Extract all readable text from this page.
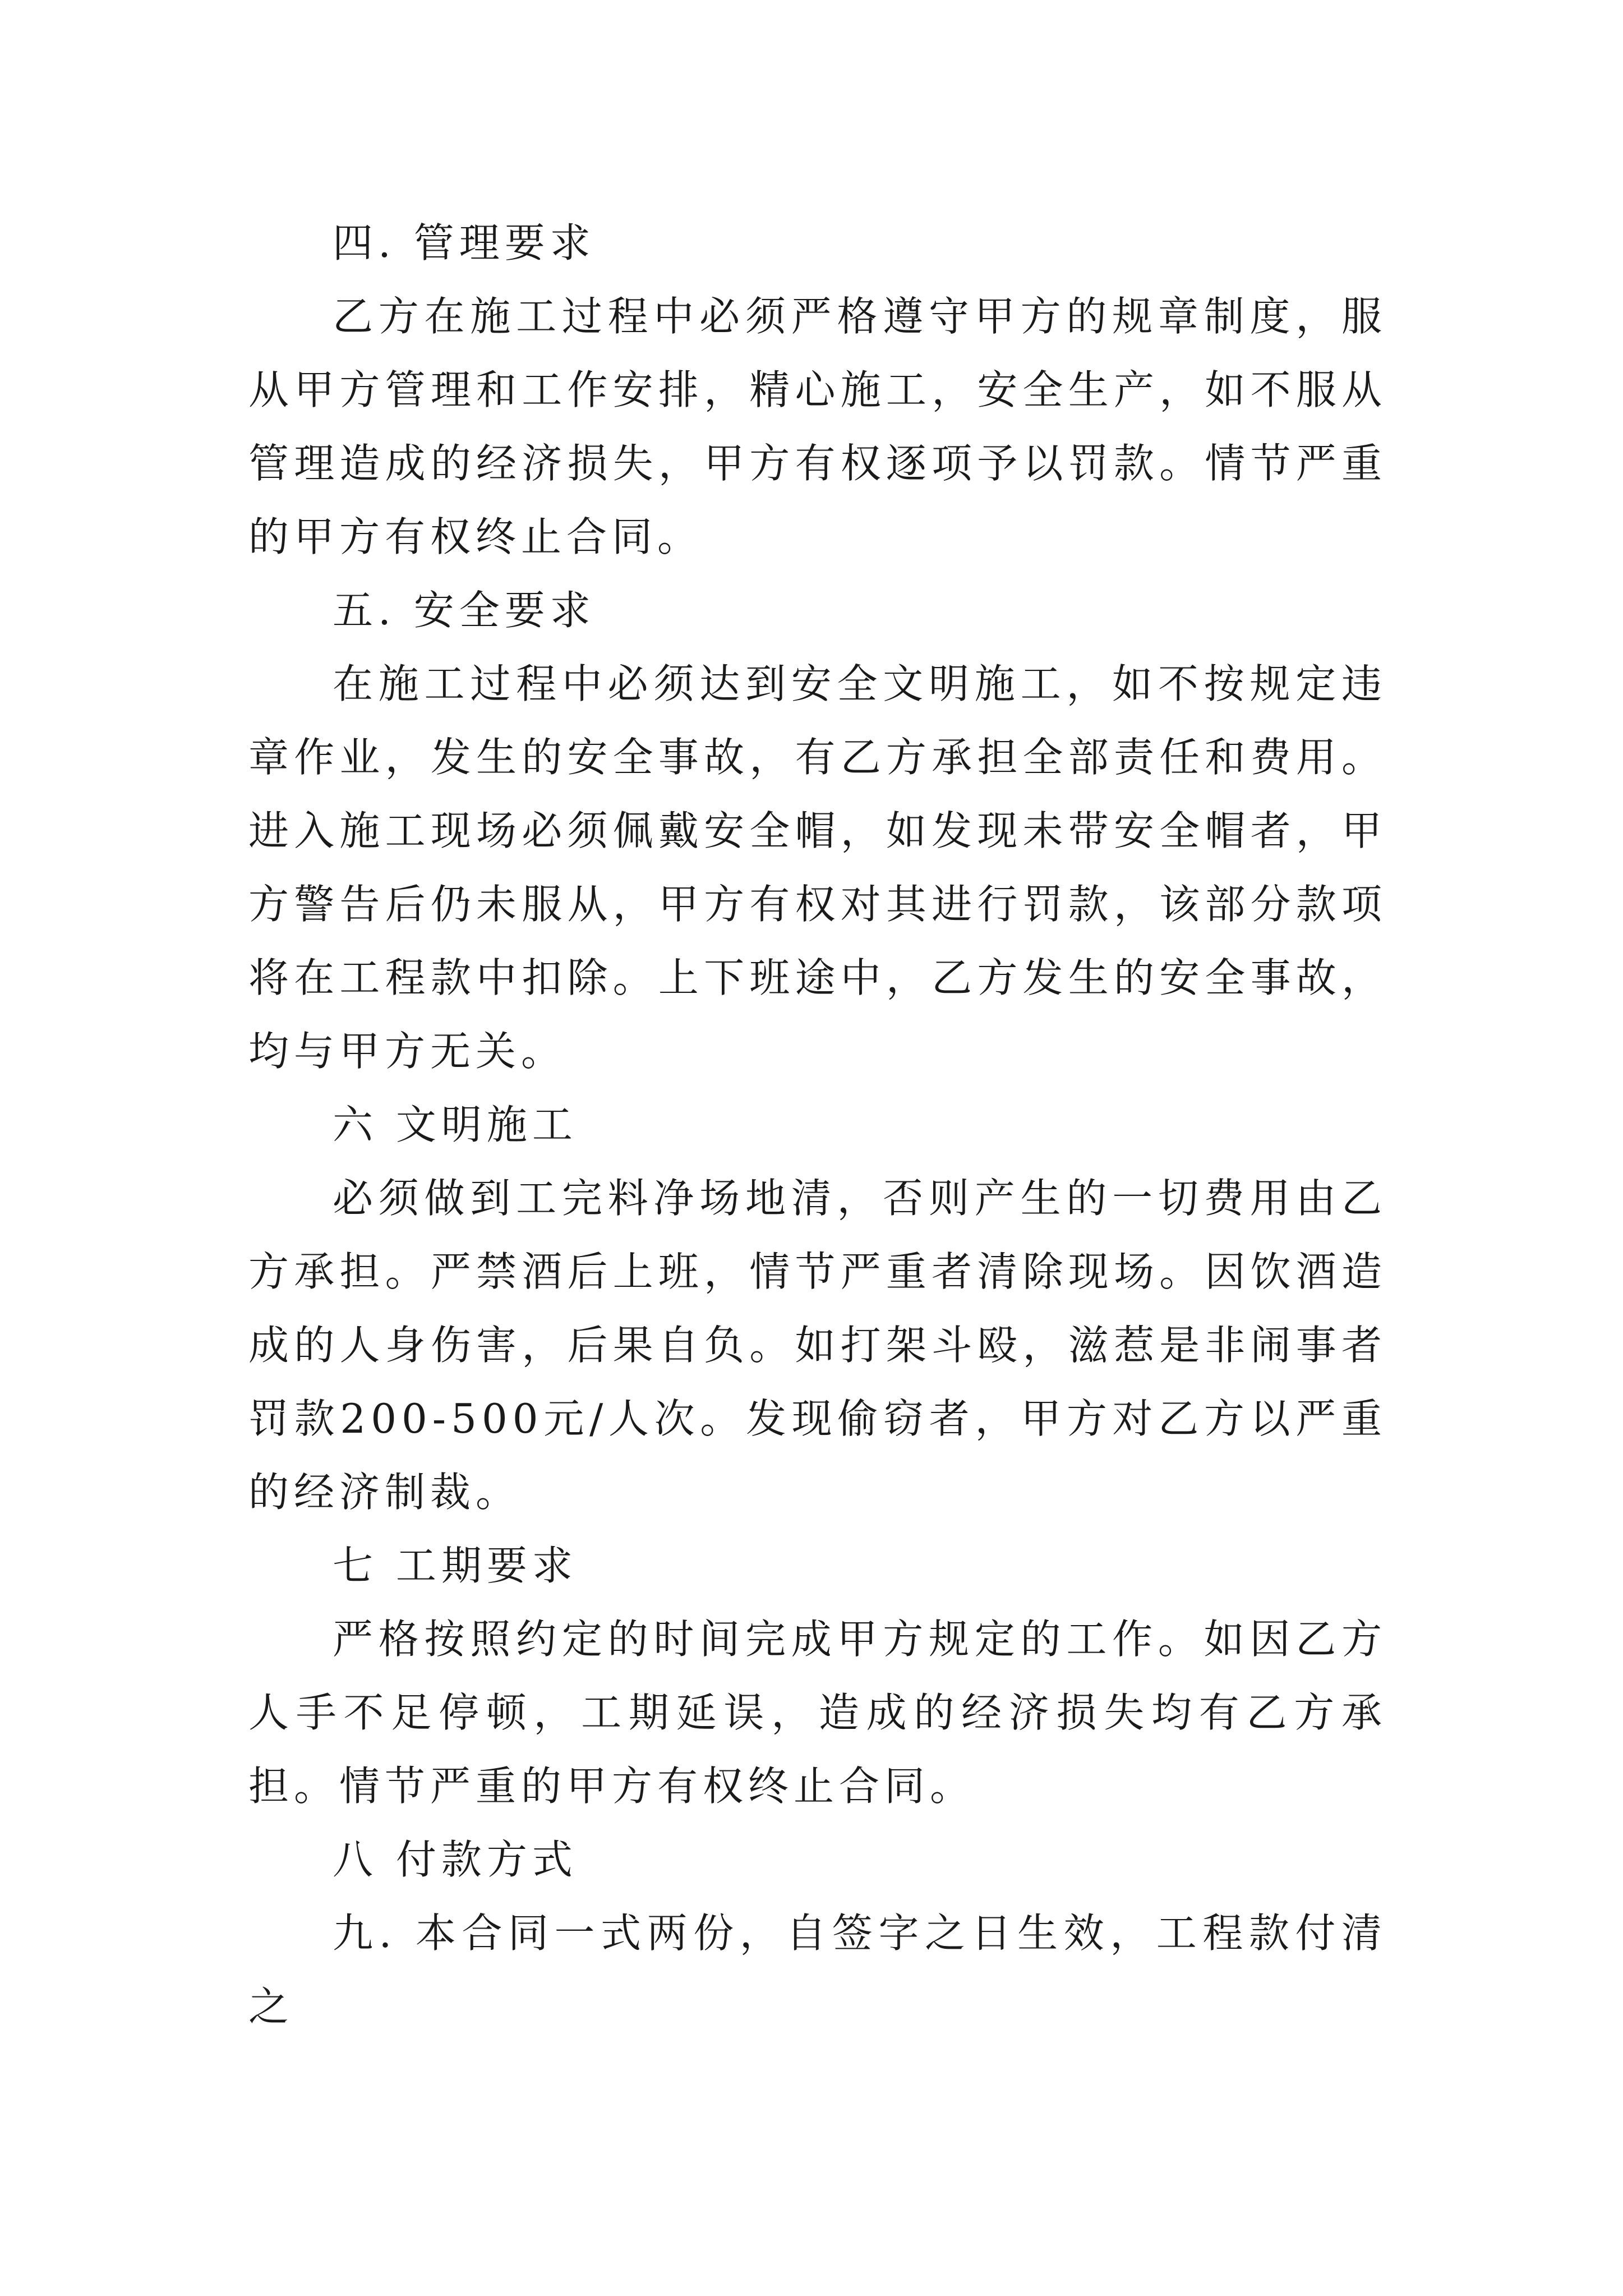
四. 管理要求

乙方在施工过程中必须严格遵守甲方的规章制度，服从甲方管理和工作安排，精心施工，安全生产，如不服从管理造成的经济损失，甲方有权逐项予以罚款。情节严重的甲方有权终止合同。

五. 安全要求

在施工过程中必须达到安全文明施工，如不按规定违章作业，发生的安全事故，有乙方承担全部责任和费用。进入施工现场必须佩戴安全帽，如发现未带安全帽者，甲方警告后仍未服从，甲方有权对其进行罚款，该部分款项将在工程款中扣除。上下班途中，乙方发生的安全事故，均与甲方无关。

六 文明施工

必须做到工完料净场地清，否则产生的一切费用由乙方承担。严禁酒后上班，情节严重者清除现场。因饮酒造成的人身伤害，后果自负。如打架斗殴，滋惹是非闹事者罚款200-500元/人次。发现偷窃者，甲方对乙方以严重的经济制裁。

七 工期要求

严格按照约定的时间完成甲方规定的工作。如因乙方人手不足停顿，工期延误，造成的经济损失均有乙方承担。情节严重的甲方有权终止合同。

八 付款方式

九. 本合同一式两份，自签字之日生效，工程款付清之
